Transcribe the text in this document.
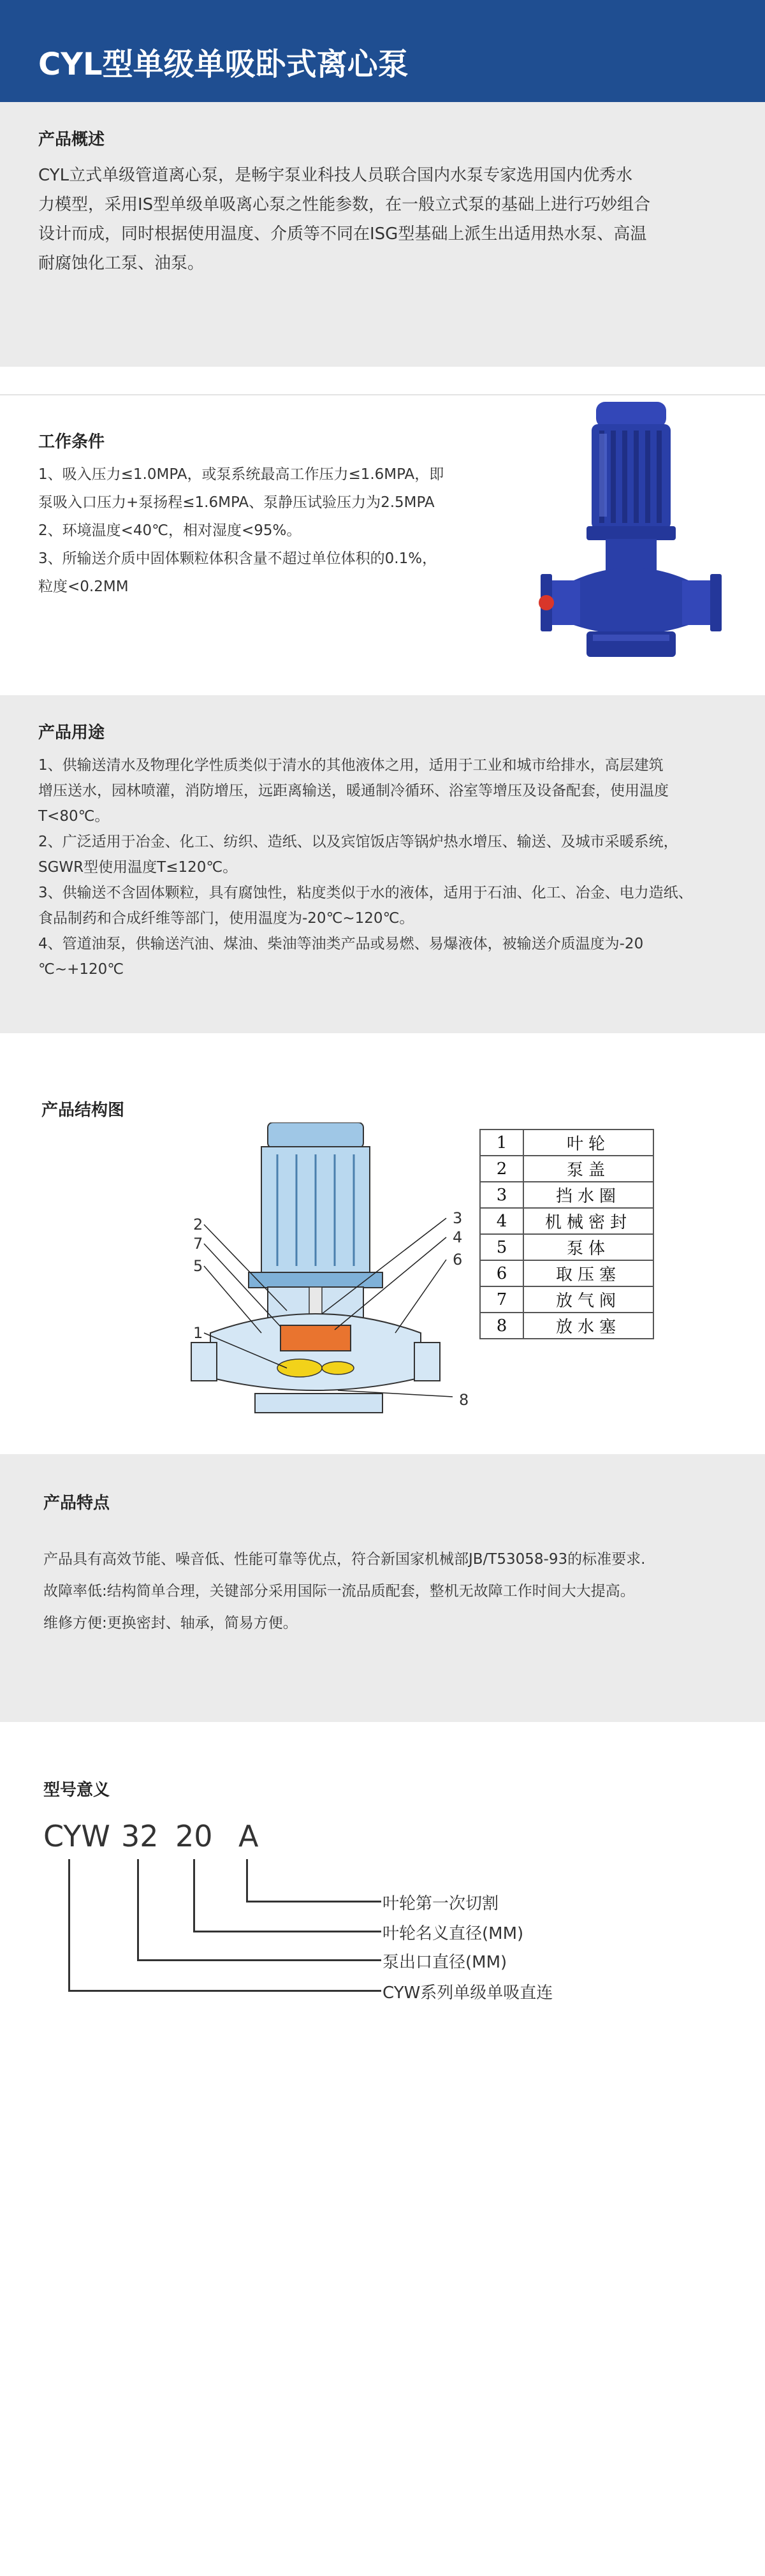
CYL型单级单吸卧式离心泵
产品概述
CYL立式单级管道离心泵，是畅宇泵业科技人员联合国内水泵专家选用国内优秀水
力模型，采用IS型单级单吸离心泵之性能参数，在一般立式泵的基础上进行巧妙组合
设计而成，同时根据使用温度、介质等不同在ISG型基础上派生出适用热水泵、高温
耐腐蚀化工泵、油泵。
工作条件
1、吸入压力≤1.0MPA，或泵系统最高工作压力≤1.6MPA，即
泵吸入口压力+泵扬程≤1.6MPA、泵静压试验压力为2.5MPA
2、环境温度<40℃，相对湿度<95%。
3、所输送介质中固体颗粒体积含量不超过单位体积的0.1%，
粒度<0.2MM
产品用途
1、供输送清水及物理化学性质类似于清水的其他液体之用，适用于工业和城市给排水，高层建筑
增压送水，园林喷灌，消防增压，远距离输送，暖通制冷循环、浴室等增压及设备配套，使用温度
T<80℃。
2、广泛适用于冶金、化工、纺织、造纸、以及宾馆饭店等锅炉热水增压、输送、及城市采暖系统，
SGWR型使用温度T≤120℃。
3、供输送不含固体颗粒，具有腐蚀性，粘度类似于水的液体，适用于石油、化工、冶金、电力造纸、
食品制药和合成纤维等部门，使用温度为-20℃~120℃。
4、管道油泵，供输送汽油、煤油、柴油等油类产品或易燃、易爆液体，被输送介质温度为-20
℃~+120℃
产品结构图
2
7
5
1
3
4
6
8
1	叶轮
2	泵盖
3	挡水圈
4	机械密封
5	泵体
6	取压塞
7	放气阀
8	放水塞
产品特点
产品具有高效节能、噪音低、性能可靠等优点，符合新国家机械部JB/T53058-93的标准要求.
故障率低:结构简单合理，关键部分采用国际一流品质配套，整机无故障工作时间大大提高。
维修方便:更换密封、轴承，简易方便。
型号意义
CYW 32 20 A
叶轮第一次切割
叶轮名义直径(MM)
泵出口直径(MM)
CYW系列单级单吸直连
